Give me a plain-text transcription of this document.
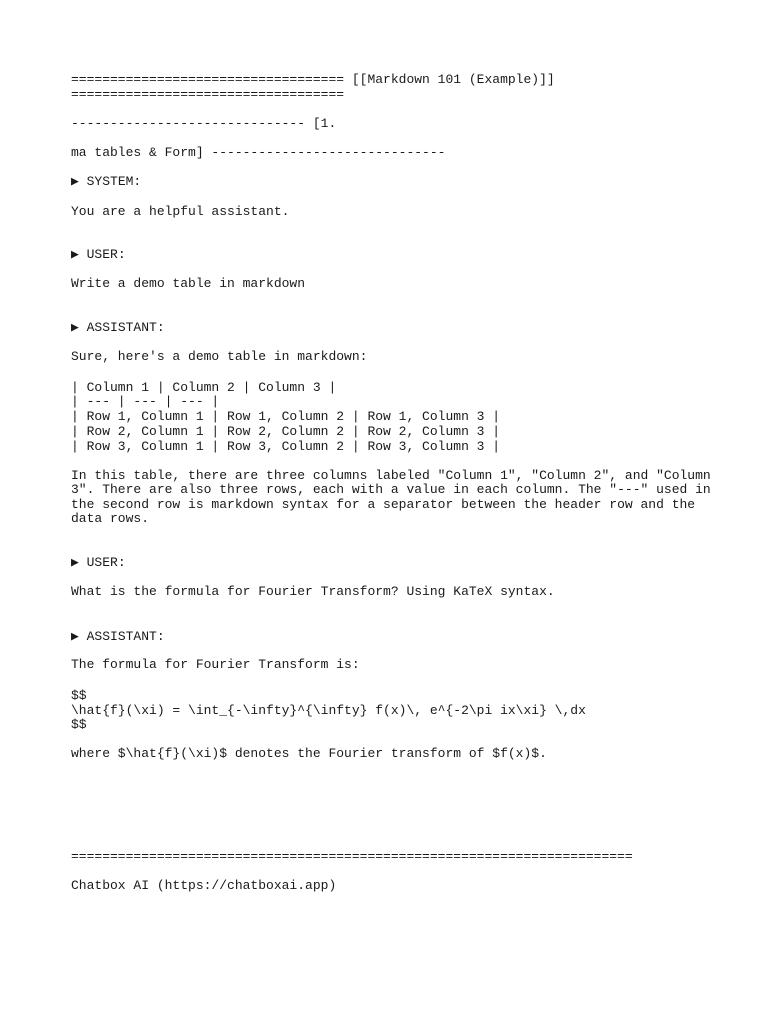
=================================== [[Markdown 101 (Example)]]
===================================
------------------------------ [1.
ma tables & Form] ------------------------------
▶ SYSTEM:
You are a helpful assistant.
▶ USER:
Write a demo table in markdown
▶ ASSISTANT:
Sure, here's a demo table in markdown:
| Column 1 | Column 2 | Column 3 |
| --- | --- | --- |
| Row 1, Column 1 | Row 1, Column 2 | Row 1, Column 3 |
| Row 2, Column 1 | Row 2, Column 2 | Row 2, Column 3 |
| Row 3, Column 1 | Row 3, Column 2 | Row 3, Column 3 |
In this table, there are three columns labeled "Column 1", "Column 2", and "Column
3". There are also three rows, each with a value in each column. The "---" used in
the second row is markdown syntax for a separator between the header row and the
data rows.
▶ USER:
What is the formula for Fourier Transform? Using KaTeX syntax.
▶ ASSISTANT:
The formula for Fourier Transform is:
$$
\hat{f}(\xi) = \int_{-\infty}^{\infty} f(x)\, e^{-2\pi ix\xi} \,dx
$$
where $\hat{f}(\xi)$ denotes the Fourier transform of $f(x)$.
========================================================================
Chatbox AI (https://chatboxai.app)
